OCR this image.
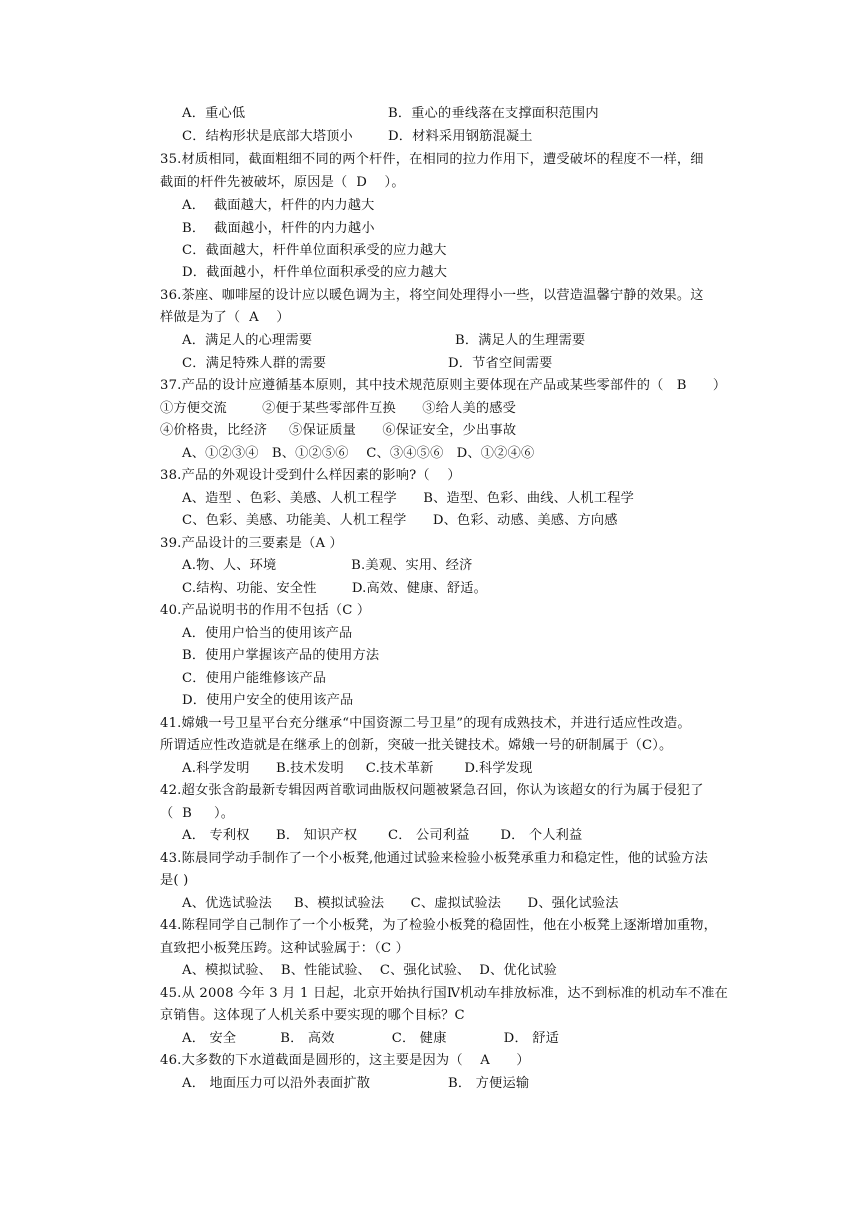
A．重心低	B．重心的垂线落在支撑面积范围内
C．结构形状是底部大塔顶小	D．材料采用钢筋混凝土
35.材质相同，截面粗细不同的两个杆件，在相同的拉力作用下，遭受破坏的程度不一样，细
截面的杆件先被破坏，原因是（  D    ）。
A．  截面越大，杆件的内力越大
B．  截面越小，杆件的内力越小
C．截面越大，杆件单位面积承受的应力越大
D．截面越小，杆件单位面积承受的应力越大
36.茶座、咖啡屋的设计应以暖色调为主，将空间处理得小一些，以营造温馨宁静的效果。这
样做是为了（  A    ）
A．满足人的心理需要	B．满足人的生理需要
C．满足特殊人群的需要	D．节省空间需要
37.产品的设计应遵循基本原则，其中技术规范原则主要体现在产品或某些零部件的（   B      ）
①方便交流        ②便于某些零部件互换      ③给人美的感受
④价格贵，比经济     ⑤保证质量      ⑥保证安全，少出事故
A、①②③④   B、①②⑤⑥    C、③④⑤⑥   D、①②④⑥
38.产品的外观设计受到什么样因素的影响?（    ）
A、造型 、色彩、美感、人机工程学      B、造型、色彩、曲线、人机工程学
C、色彩、美感、功能美、人机工程学      D、色彩、动感、美感、方向感
39.产品设计的三要素是（A ）
A.物、人、环境                 B.美观、实用、经济
C.结构、功能、安全性        D.高效、健康、舒适。
40.产品说明书的作用不包括（C ）
A．使用户恰当的使用该产品
B．使用户掌握该产品的使用方法
C．使用户能维修该产品
D．使用户安全的使用该产品
41.嫦娥一号卫星平台充分继承“中国资源二号卫星”的现有成熟技术，并进行适应性改造。
所谓适应性改造就是在继承上的创新，突破一批关键技术。嫦娥一号的研制属于（C）。
A.科学发明      B.技术发明     C.技术革新       D.科学发现
42.超女张含韵最新专辑因两首歌词曲版权问题被紧急召回，你认为该超女的行为属于侵犯了
（  B     ）。
A． 专利权      B． 知识产权       C． 公司利益       D． 个人利益
43.陈晨同学动手制作了一个小板凳,他通过试验来检验小板凳承重力和稳定性，他的试验方法
是( )
A、优选试验法     B、模拟试验法      C、虚拟试验法      D、强化试验法
44.陈程同学自己制作了一个小板凳，为了检验小板凳的稳固性，他在小板凳上逐渐增加重物，
直致把小板凳压跨。这种试验属于：（C ）
A、模拟试验、  B、性能试验、  C、强化试验、  D、优化试验
45.从 2008 今年 3 月 1 日起，北京开始执行国Ⅳ机动车排放标准，达不到标准的机动车不准在
京销售。这体现了人机关系中要实现的哪个目标？C
A． 安全          B． 高效             C． 健康             D． 舒适
46.大多数的下水道截面是圆形的，这主要是因为（    A      ）
A． 地面压力可以沿外表面扩散	B． 方便运输
